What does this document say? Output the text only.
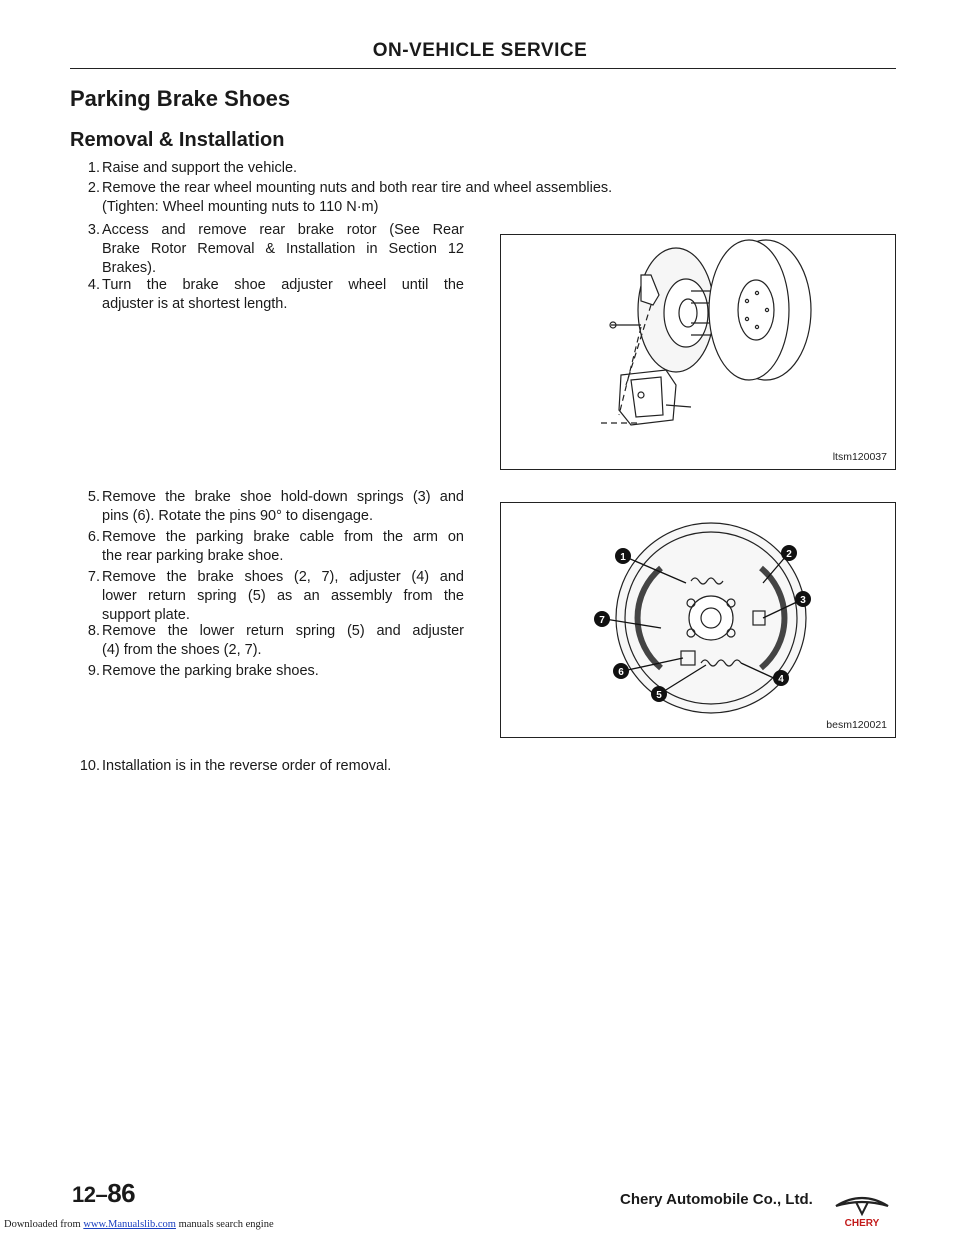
ON-VEHICLE SERVICE
Parking Brake Shoes
Removal & Installation
1. Raise and support the vehicle.
2. Remove the rear wheel mounting nuts and both rear tire and wheel assemblies.
(Tighten: Wheel mounting nuts to 110 N·m)
3. Access and remove rear brake rotor (See Rear
Brake Rotor Removal & Installation in Section 12
Brakes).
4. Turn the brake shoe adjuster wheel until the
adjuster is at shortest length.
5. Remove the brake shoe hold-down springs (3) and
pins (6). Rotate the pins 90° to disengage.
6. Remove the parking brake cable from the arm on
the rear parking brake shoe.
7. Remove the brake shoes (2, 7), adjuster (4) and
lower return spring (5) as an assembly from the
support plate.
8. Remove the lower return spring (5) and adjuster
(4) from the shoes (2, 7).
9. Remove the parking brake shoes.
10. Installation is in the reverse order of removal.
ltsm120037
1	2
3
4
5
6
7
besm120021
12–86	Chery Automobile Co., Ltd.
CHERY
Downloaded from www.Manualslib.com manuals search engine
